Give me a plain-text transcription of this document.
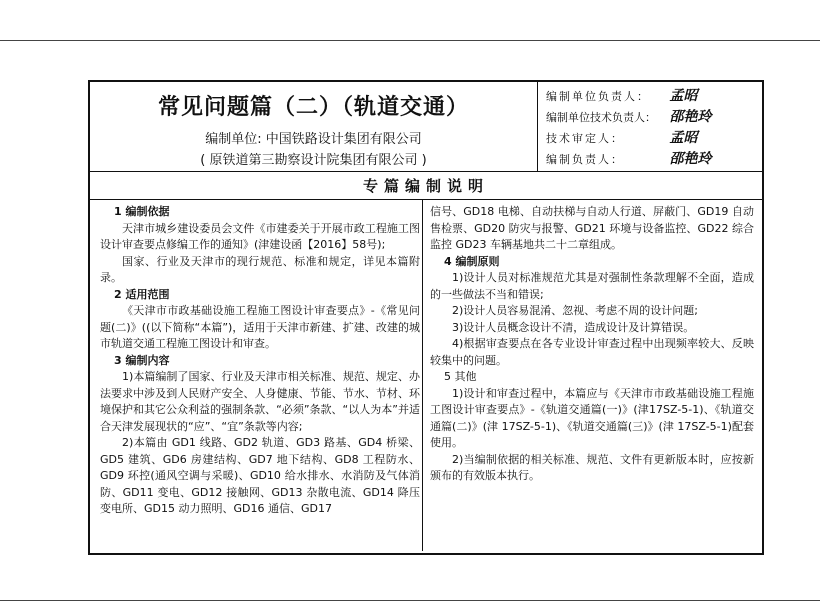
常见问题篇（二）（轨道交通）
编制单位: 中国铁路设计集团有限公司
( 原铁道第三勘察设计院集团有限公司 )
编制单位负责人： 孟昭
编制单位技术负责人： 邵艳玲
技术审定人：	孟昭
编制负责人：	邵艳玲
专篇编制说明

1 编制依据

天津市城乡建设委员会文件《市建委关于开展市政工程施工图设计审查要点修编工作的通知》(津建设函【2016】58号);

国家、行业及天津市的现行规范、标准和规定，详见本篇附录。

2 适用范围

《天津市市政基础设施工程施工图设计审查要点》-《常见问题(二)》((以下简称“本篇”)，适用于天津市新建、扩建、改建的城市轨道交通工程施工图设计和审查。

3 编制内容

1)本篇编制了国家、行业及天津市相关标准、规范、规定、办法要求中涉及到人民财产安全、人身健康、节能、节水、节材、环境保护和其它公众利益的强制条款、“必须”条款、“以人为本”并适合天津发展现状的“应”、“宜”条款等内容;

2)本篇由 GD1 线路、GD2 轨道、GD3 路基、GD4 桥梁、GD5 建筑、GD6 房建结构、GD7 地下结构、GD8 工程防水、GD9 环控(通风空调与采暖)、GD10 给水排水、水消防及气体消防、GD11 变电、GD12 接触网、GD13 杂散电流、GD14 降压变电所、GD15 动力照明、GD16 通信、GD17

信号、GD18 电梯、自动扶梯与自动人行道、屏蔽门、GD19 自动售检票、GD20 防灾与报警、GD21 环境与设备监控、GD22 综合监控 GD23 车辆基地共二十二章组成。

4 编制原则

1)设计人员对标准规范尤其是对强制性条款理解不全面，造成的一些做法不当和错误;

2)设计人员容易混淆、忽视、考虑不周的设计问题;

3)设计人员概念设计不清，造成设计及计算错误。

4)根据审查要点在各专业设计审查过程中出现频率较大、反映较集中的问题。

5 其他

1)设计和审查过程中，本篇应与《天津市市政基础设施工程施工图设计审查要点》-《轨道交通篇(一)》(津17SZ-5-1)、《轨道交通篇(二)》(津 17SZ-5-1)、《轨道交通篇(三)》(津 17SZ-5-1)配套使用。

2)当编制依据的相关标准、规范、文件有更新版本时，应按新颁布的有效版本执行。
